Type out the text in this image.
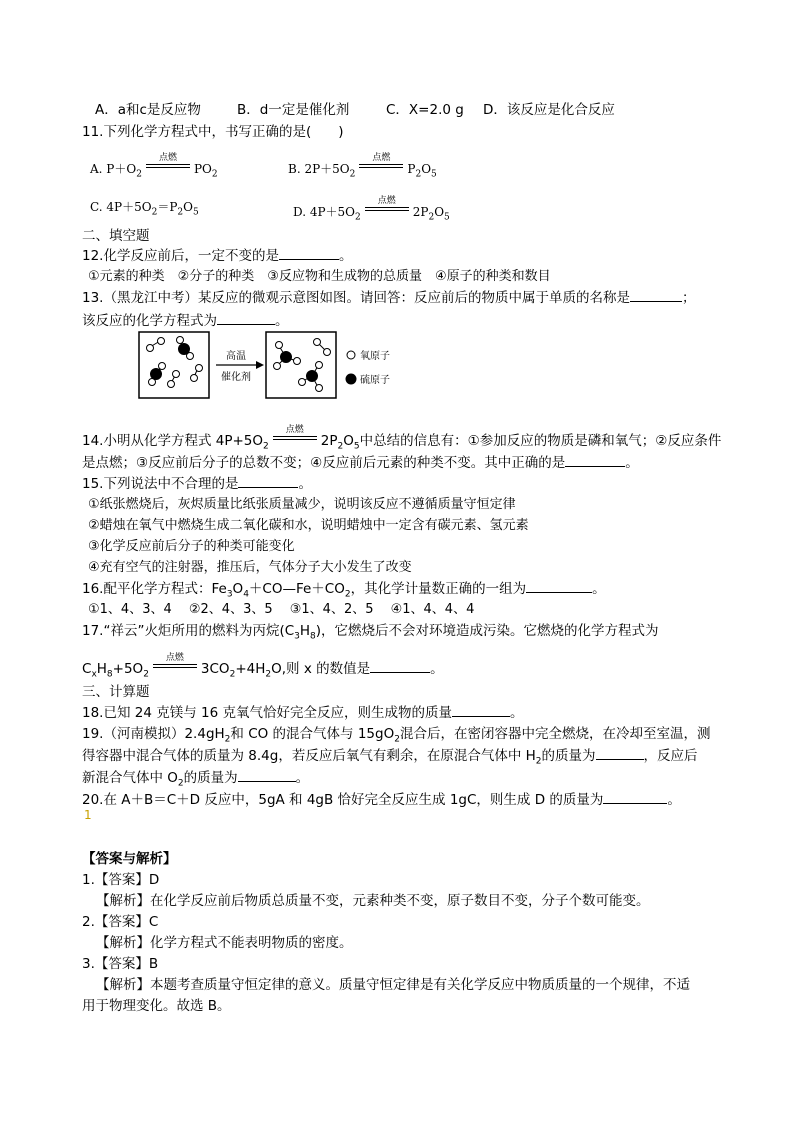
A．a和c是反应物	B．d一定是催化剂	C．X=2.0 g D．该反应是化合反应
11.下列化学方程式中，书写正确的是(　　)
A. $P+O_2$
点燃
$PO_2$	B. $2P+5O_2$
点燃
$P_2O_5$
C. $4P+5O_2=P_2O_5$	D. $4P+5O_2$
点燃
$2P_2O_5$
二、填空题
12.化学反应前后，一定不变的是	。
①元素的种类　②分子的种类　③反应物和生成物的总质量　④原子的种类和数目
13.（黑龙江中考）某反应的微观示意图如图。请回答：反应前后的物质中属于单质的名称是	；
该反应的化学方程式为	。
高温
催化剂
氧原子
硫原子
14.小明从化学方程式 $4P+5O_2$
点燃
$2P_2O_5$中总结的信息有：①参加反应的物质是磷和氧气；②反应条件
是点燃；③反应前后分子的总数不变；④反应前后元素的种类不变。其中正确的是	。
15.下列说法中不合理的是	。
①纸张燃烧后，灰烬质量比纸张质量减少，说明该反应不遵循质量守恒定律
②蜡烛在氧气中燃烧生成二氧化碳和水，说明蜡烛中一定含有碳元素、氢元素
③化学反应前后分子的种类可能变化
④充有空气的注射器，推压后，气体分子大小发生了改变
16.配平化学方程式：$Fe_3O_4+CO—Fe+CO_2$，其化学计量数正确的一组为	。
①1、4、3、4　 ②2、4、3、5　 ③1、4、2、5　 ④1、4、4、4
17.“祥云”火炬所用的燃料为丙烷$(C_3H_8)$，它燃烧后不会对环境造成污染。它燃烧的化学方程式为
$C_xH_8+5O_2$
点燃
$3CO_2+4H_2O$,则 x 的数值是	。
三、计算题
18.已知 24 克镁与 16 克氧气恰好完全反应，则生成物的质量	。
19.（河南模拟）$2.4gH_2$和 CO 的混合气体与 $15gO_2$混合后，在密闭容器中完全燃烧，在冷却至室温，测
得容器中混合气体的质量为 8.4g，若反应后氧气有剩余，在原混合气体中 $H_2$的质量为	，反应后
新混合气体中 $O_2$的质量为	。
20.在 A＋B＝C＋D 反应中，5gA 和 4gB 恰好完全反应生成 1gC，则生成 D 的质量为	。
1
【答案与解析】
1.【答案】D
【解析】在化学反应前后物质总质量不变，元素种类不变，原子数目不变，分子个数可能变。
2.【答案】C
【解析】化学方程式不能表明物质的密度。
3.【答案】B
【解析】本题考查质量守恒定律的意义。质量守恒定律是有关化学反应中物质质量的一个规律，不适
用于物理变化。故选 B。
